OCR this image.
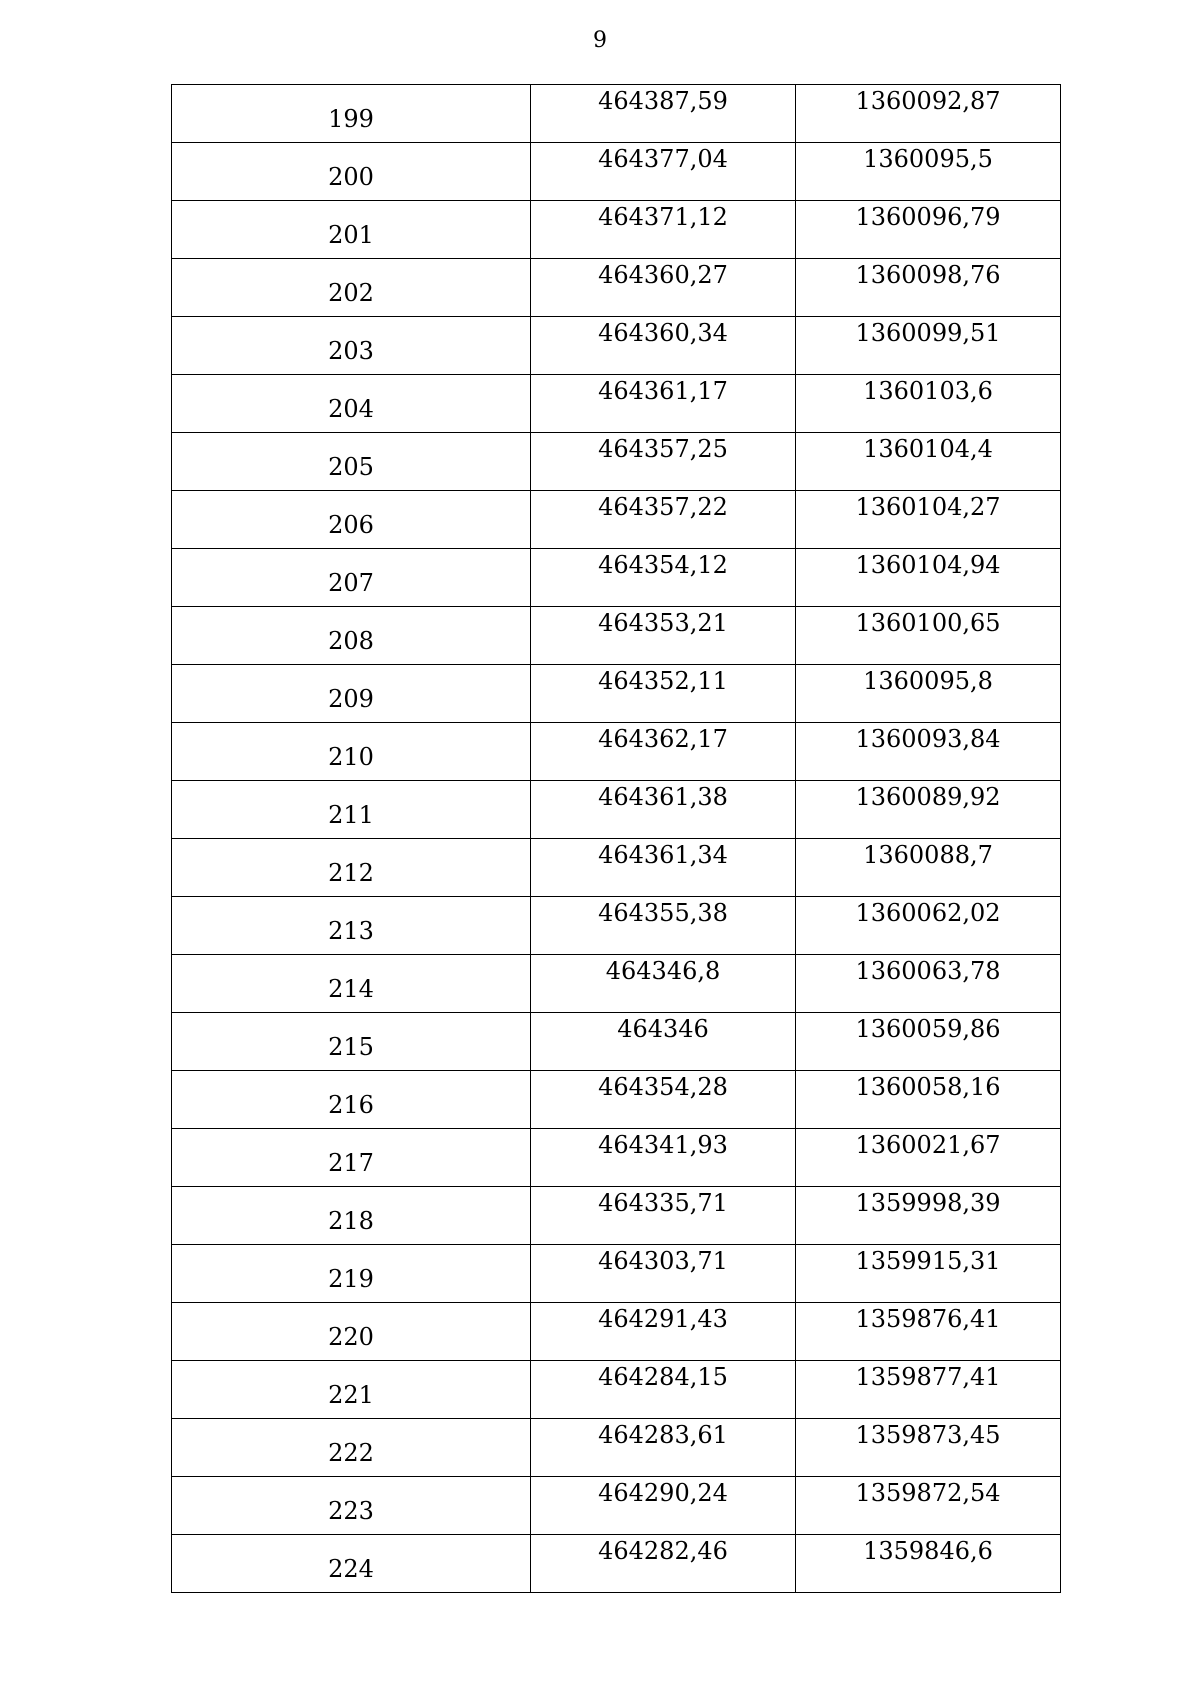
9
199	464387,59	1360092,87
200	464377,04	1360095,5
201	464371,12	1360096,79
202	464360,27	1360098,76
203	464360,34	1360099,51
204	464361,17	1360103,6
205	464357,25	1360104,4
206	464357,22	1360104,27
207	464354,12	1360104,94
208	464353,21	1360100,65
209	464352,11	1360095,8
210	464362,17	1360093,84
211	464361,38	1360089,92
212	464361,34	1360088,7
213	464355,38	1360062,02
214	464346,8	1360063,78
215	464346	1360059,86
216	464354,28	1360058,16
217	464341,93	1360021,67
218	464335,71	1359998,39
219	464303,71	1359915,31
220	464291,43	1359876,41
221	464284,15	1359877,41
222	464283,61	1359873,45
223	464290,24	1359872,54
224	464282,46	1359846,6
